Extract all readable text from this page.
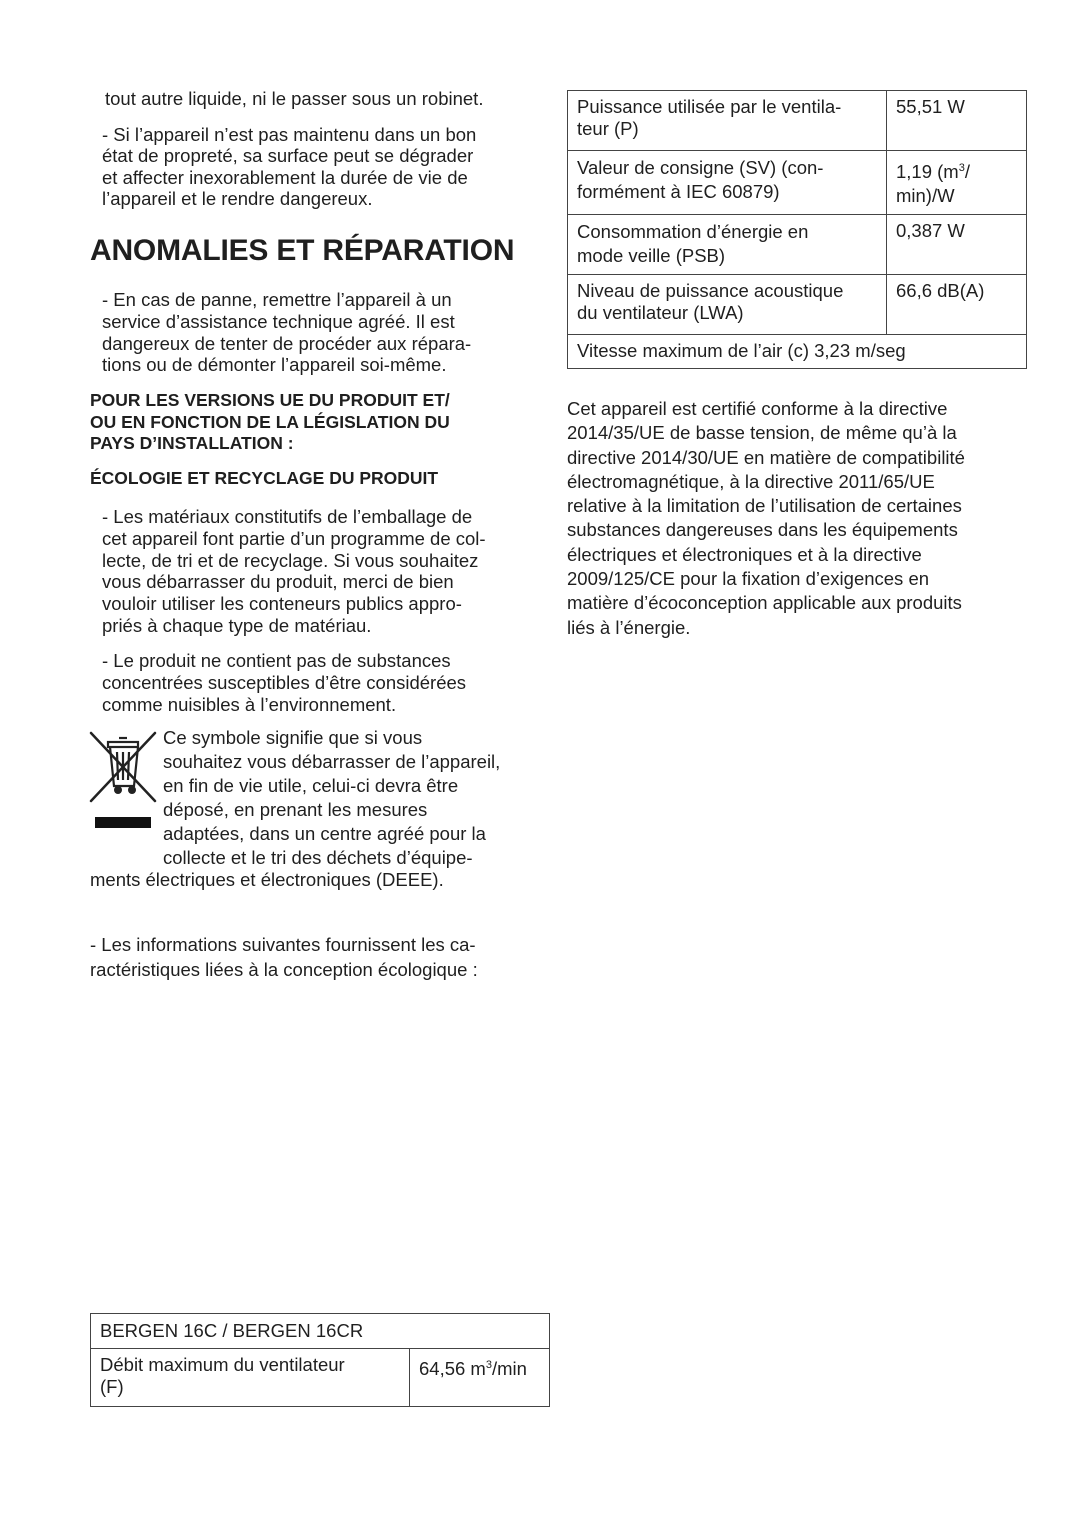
tout autre liquide, ni le passer sous un robinet.

- Si l’appareil n’est pas maintenu dans un bon
état de propreté, sa surface peut se dégrader
et affecter inexorablement la durée de vie de
l’appareil et le rendre dangereux.

ANOMALIES ET RÉPARATION

- En cas de panne, remettre l’appareil à un
service d’assistance technique agréé. Il est
dangereux de tenter de procéder aux répara-
tions ou de démonter l’appareil soi-même.

POUR LES VERSIONS UE DU PRODUIT ET/
OU EN FONCTION DE LA LÉGISLATION DU
PAYS D’INSTALLATION :
ÉCOLOGIE ET RECYCLAGE DU PRODUIT

- Les matériaux constitutifs de l’emballage de
cet appareil font partie d’un programme de col-
lecte, de tri et de recyclage. Si vous souhaitez
vous débarrasser du produit, merci de bien
vouloir utiliser les conteneurs publics appro-
priés à chaque type de matériau.

- Le produit ne contient pas de substances
concentrées susceptibles d’être considérées
comme nuisibles à l’environnement.

Ce symbole signifie que si vous
souhaitez vous débarrasser de l’appareil,
en fin de vie utile, celui-ci devra être
déposé, en prenant les mesures
adaptées, dans un centre agréé pour la
collecte et le tri des déchets d’équipe-

ments électriques et électroniques (DEEE).

- Les informations suivantes fournissent les ca-
ractéristiques liées à la conception écologique :

BERGEN 16C / BERGEN 16CR
Débit maximum du ventilateur
(F)	64,56 $m^3/\min$
Puissance utilisée par le ventila-
teur (P)	55,51 W
Valeur de consigne (SV) (con-
formément à IEC 60879)	1,19 ($m^3/$
min)/W
Consommation d’énergie en
mode veille (PSB)	0,387 W
Niveau de puissance acoustique
du ventilateur (LWA)	66,6 dB(A)
Vitesse maximum de l’air (c) 3,23 m/seg	

Cet appareil est certifié conforme à la directive
2014/35/UE de basse tension, de même qu’à la
directive 2014/30/UE en matière de compatibilité
électromagnétique, à la directive 2011/65/UE
relative à la limitation de l’utilisation de certaines
substances dangereuses dans les équipements
électriques et électroniques et à la directive
2009/125/CE pour la fixation d’exigences en
matière d’écoconception applicable aux produits
liés à l’énergie.
